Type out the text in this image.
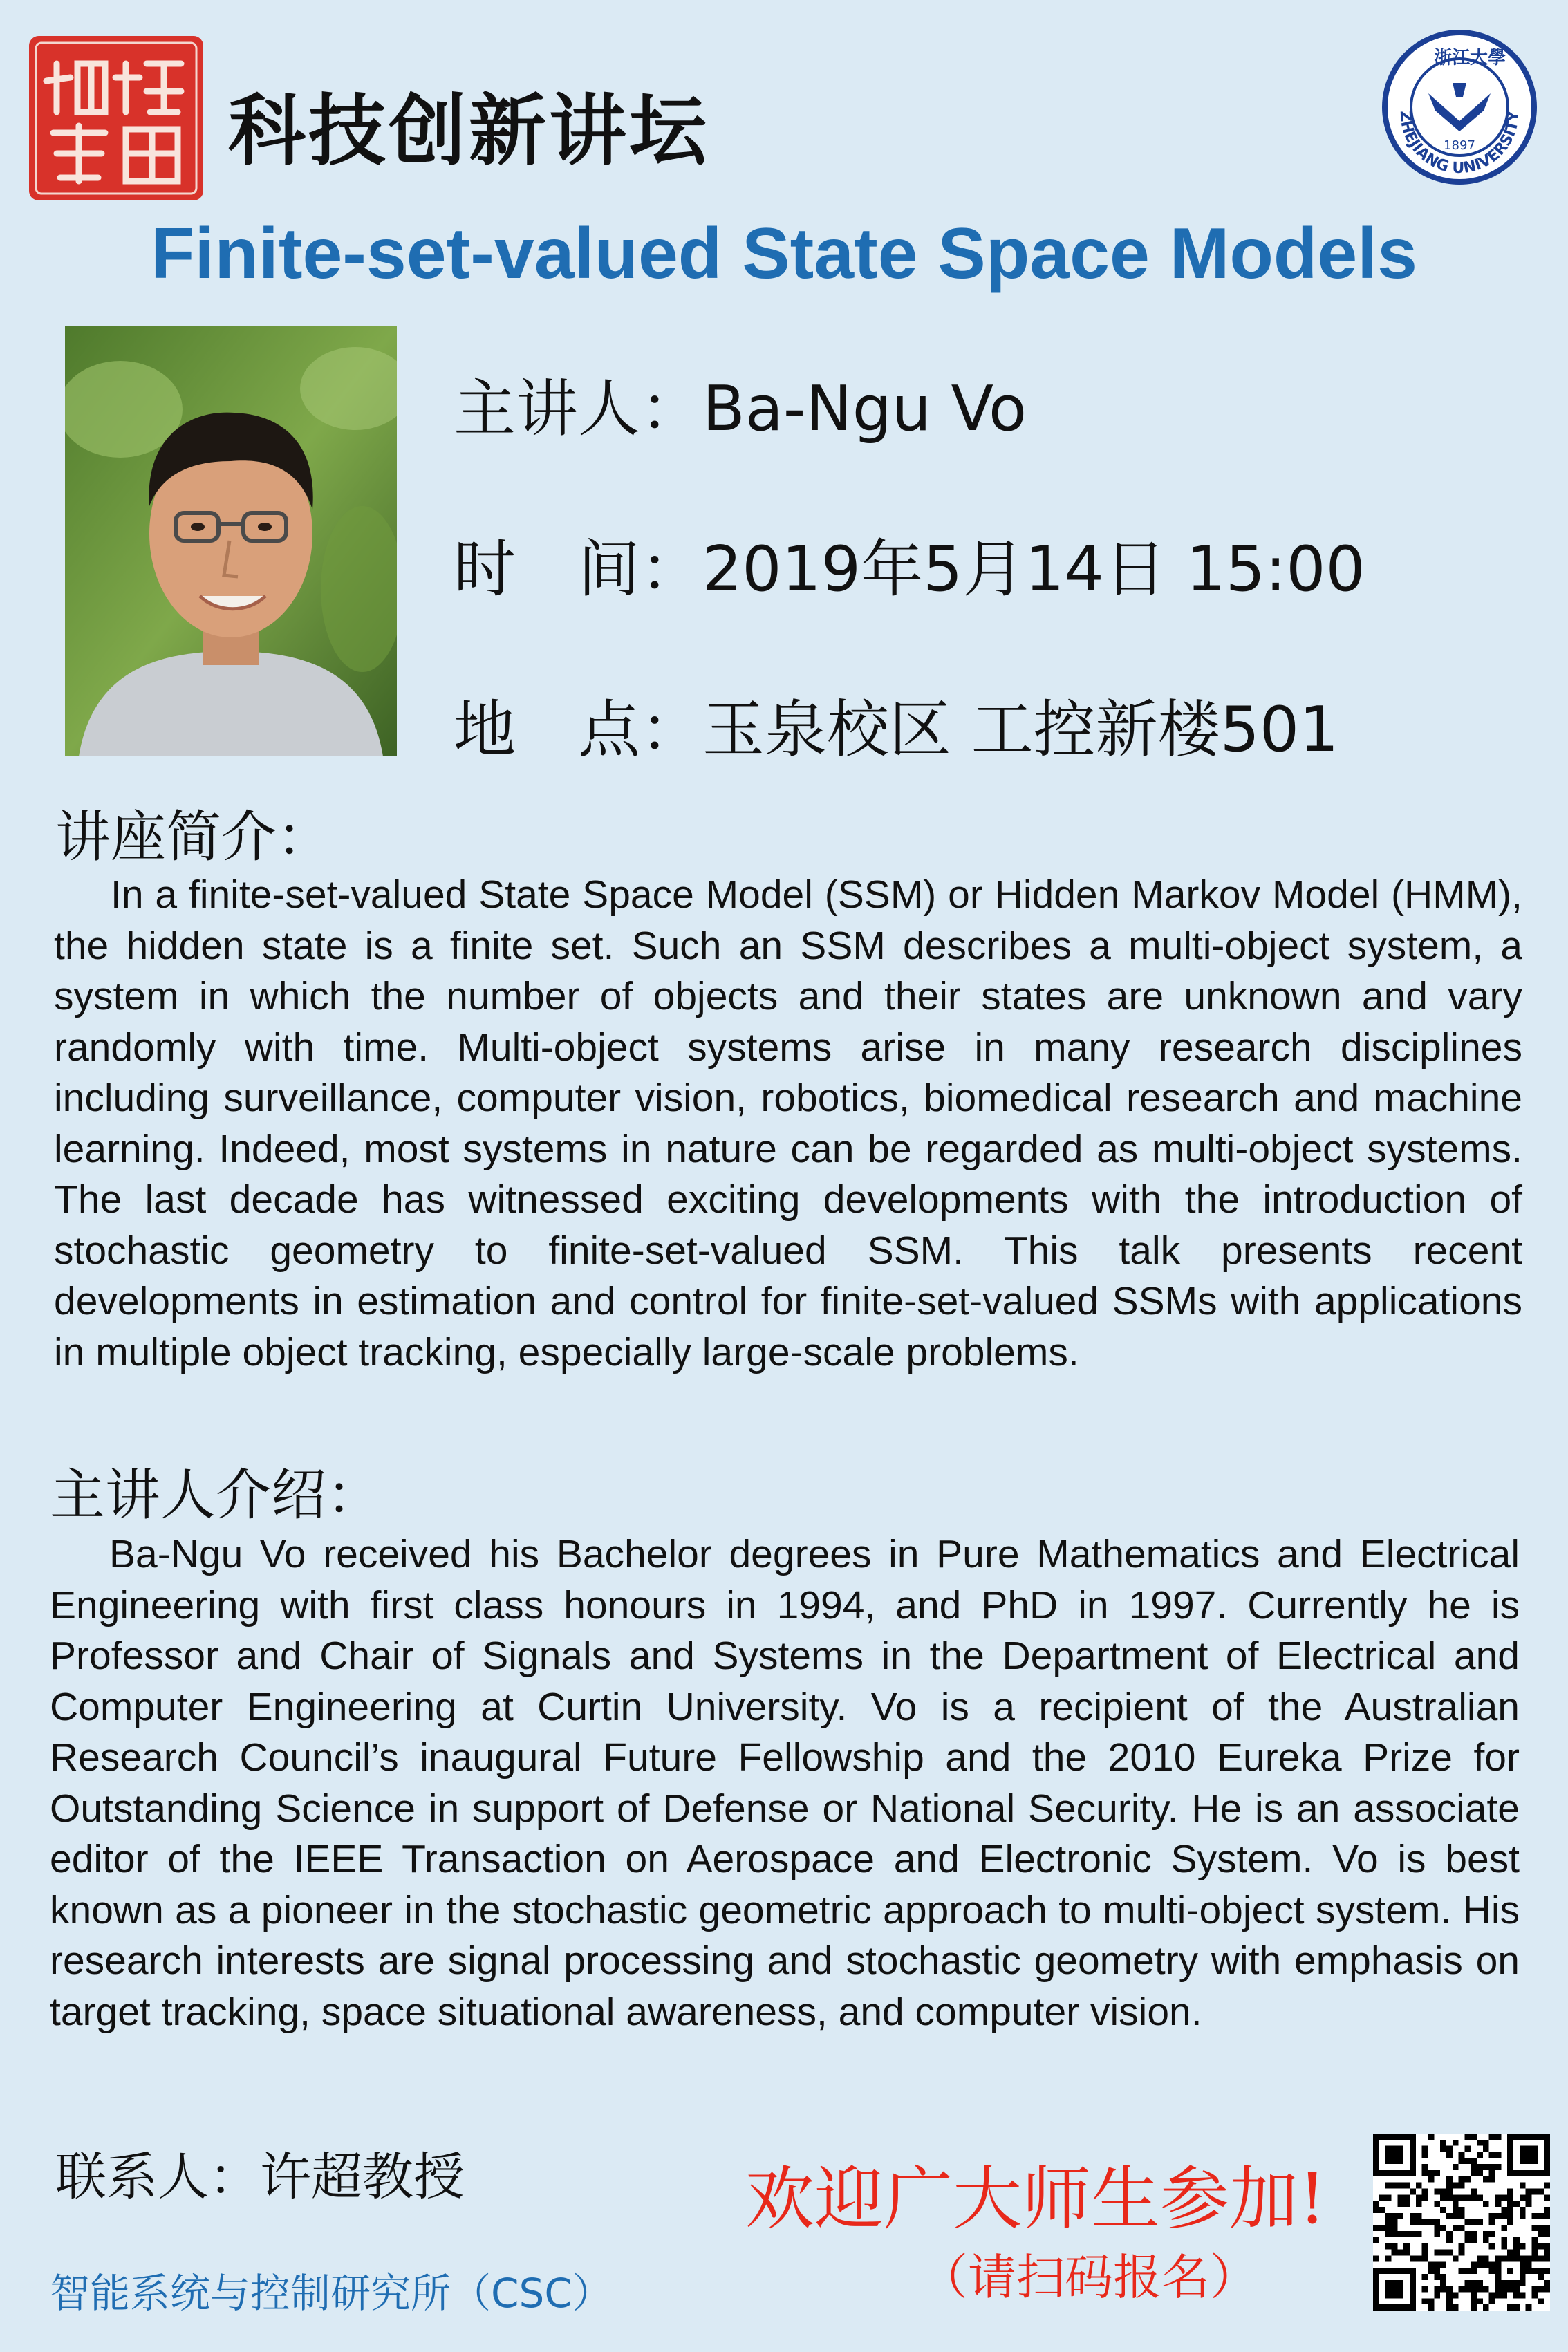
科技创新讲坛	ZHEJIANG UNIVERSITY
浙江大學
1897
Finite-set-valued State Space Models
主讲人：Ba-Ngu Vo
时　间：2019年5月14日 15:00
地　点：玉泉校区 工控新楼501
讲座简介：
In a finite-set-valued State Space Model (SSM) or Hidden Markov Model (HMM), the hidden state is a finite set. Such an SSM describes a multi-object system, a system in which the number of objects and their states are unknown and vary randomly with time. Multi-object systems arise in many research disciplines including surveillance, computer vision, robotics, biomedical research and machine learning. Indeed, most systems in nature can be regarded as multi-object systems. The last decade has witnessed exciting developments with the introduction of stochastic geometry to finite-set-valued SSM. This talk presents recent developments in estimation and control for finite-set-valued SSMs with applications in multiple object tracking, especially large-scale problems.
主讲人介绍：
Ba-Ngu Vo received his Bachelor degrees in Pure Mathematics and Electrical Engineering with first class honours in 1994, and PhD in 1997. Currently he is Professor and Chair of Signals and Systems in the Department of Electrical and Computer Engineering at Curtin University. Vo is a recipient of the Australian Research Council’s inaugural Future Fellowship and the 2010 Eureka Prize for Outstanding Science in support of Defense or National Security. He is an associate editor of the IEEE Transaction on Aerospace and Electronic System. Vo is best known as a pioneer in the stochastic geometric approach to multi-object system. His research interests are signal processing and stochastic geometry with emphasis on target tracking, space situational awareness, and computer vision.
联系人：许超教授	欢迎广大师生参加!
（请扫码报名）
智能系统与控制研究所（CSC）
